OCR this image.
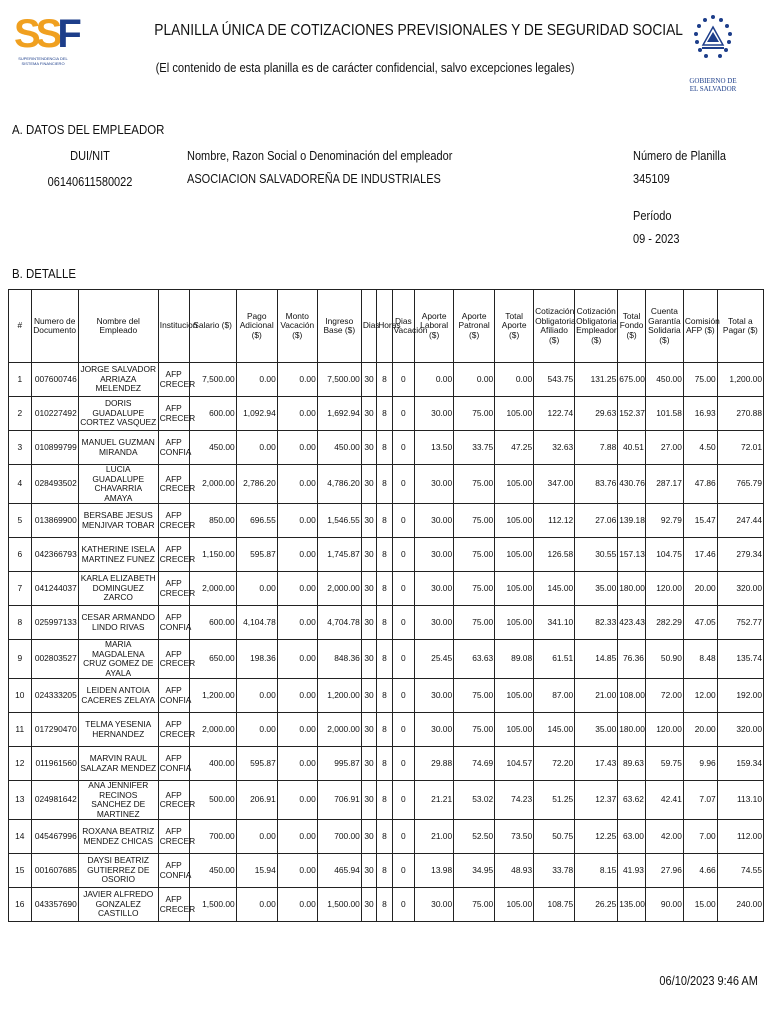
SSF
SUPERINTENDENCIA DEL SISTEMA FINANCIERO
PLANILLA ÚNICA DE COTIZACIONES PREVISIONALES Y DE SEGURIDAD SOCIAL
(El contenido de esta planilla es de carácter confidencial, salvo excepciones legales)
GOBIERNO DE
EL SALVADOR
A. DATOS DEL EMPLEADOR
DUI/NIT
06140611580022
Nombre, Razon Social o Denominación del empleador
ASOCIACION SALVADOREÑA DE INDUSTRIALES
Número de Planilla
345109
Período
09 - 2023
B. DETALLE
#	Numero de Documento	Nombre del Empleado	Institucion	Salario ($)	Pago Adicional ($)	Monto Vacación ($)	Ingreso Base ($)	Dias	Horas	Dias Vacación	Aporte Laboral ($)	Aporte Patronal ($)	Total Aporte ($)	Cotización Obligatoria Afiliado ($)	Cotización Obligatoria Empleador ($)	Total Fondo ($)	Cuenta Garantía Solidaria ($)	Comisión AFP ($)	Total a Pagar ($)
1	007600746	JORGE SALVADOR ARRIAZA MELENDEZ	AFP CRECER	7,500.00	0.00	0.00	7,500.00	30	8	0	0.00	0.00	0.00	543.75	131.25	675.00	450.00	75.00	1,200.00
2	010227492	DORIS GUADALUPE CORTEZ VASQUEZ	AFP CRECER	600.00	1,092.94	0.00	1,692.94	30	8	0	30.00	75.00	105.00	122.74	29.63	152.37	101.58	16.93	270.88
3	010899799	MANUEL GUZMAN MIRANDA	AFP CONFIA	450.00	0.00	0.00	450.00	30	8	0	13.50	33.75	47.25	32.63	7.88	40.51	27.00	4.50	72.01
4	028493502	LUCIA GUADALUPE CHAVARRIA AMAYA	AFP CRECER	2,000.00	2,786.20	0.00	4,786.20	30	8	0	30.00	75.00	105.00	347.00	83.76	430.76	287.17	47.86	765.79
5	013869900	BERSABE JESUS MENJIVAR TOBAR	AFP CRECER	850.00	696.55	0.00	1,546.55	30	8	0	30.00	75.00	105.00	112.12	27.06	139.18	92.79	15.47	247.44
6	042366793	KATHERINE ISELA MARTINEZ FUNEZ	AFP CRECER	1,150.00	595.87	0.00	1,745.87	30	8	0	30.00	75.00	105.00	126.58	30.55	157.13	104.75	17.46	279.34
7	041244037	KARLA ELIZABETH DOMINGUEZ ZARCO	AFP CRECER	2,000.00	0.00	0.00	2,000.00	30	8	0	30.00	75.00	105.00	145.00	35.00	180.00	120.00	20.00	320.00
8	025997133	CESAR ARMANDO LINDO RIVAS	AFP CONFIA	600.00	4,104.78	0.00	4,704.78	30	8	0	30.00	75.00	105.00	341.10	82.33	423.43	282.29	47.05	752.77
9	002803527	MARIA MAGDALENA CRUZ GOMEZ DE AYALA	AFP CRECER	650.00	198.36	0.00	848.36	30	8	0	25.45	63.63	89.08	61.51	14.85	76.36	50.90	8.48	135.74
10	024333205	LEIDEN ANTOIA CACERES ZELAYA	AFP CONFIA	1,200.00	0.00	0.00	1,200.00	30	8	0	30.00	75.00	105.00	87.00	21.00	108.00	72.00	12.00	192.00
11	017290470	TELMA YESENIA HERNANDEZ	AFP CRECER	2,000.00	0.00	0.00	2,000.00	30	8	0	30.00	75.00	105.00	145.00	35.00	180.00	120.00	20.00	320.00
12	011961560	MARVIN RAUL SALAZAR MENDEZ	AFP CONFIA	400.00	595.87	0.00	995.87	30	8	0	29.88	74.69	104.57	72.20	17.43	89.63	59.75	9.96	159.34
13	024981642	ANA JENNIFER RECINOS SANCHEZ DE MARTINEZ	AFP CRECER	500.00	206.91	0.00	706.91	30	8	0	21.21	53.02	74.23	51.25	12.37	63.62	42.41	7.07	113.10
14	045467996	ROXANA BEATRIZ MENDEZ CHICAS	AFP CRECER	700.00	0.00	0.00	700.00	30	8	0	21.00	52.50	73.50	50.75	12.25	63.00	42.00	7.00	112.00
15	001607685	DAYSI BEATRIZ GUTIERREZ DE OSORIO	AFP CONFIA	450.00	15.94	0.00	465.94	30	8	0	13.98	34.95	48.93	33.78	8.15	41.93	27.96	4.66	74.55
16	043357690	JAVIER ALFREDO GONZALEZ CASTILLO	AFP CRECER	1,500.00	0.00	0.00	1,500.00	30	8	0	30.00	75.00	105.00	108.75	26.25	135.00	90.00	15.00	240.00
06/10/2023 9:46 AM
